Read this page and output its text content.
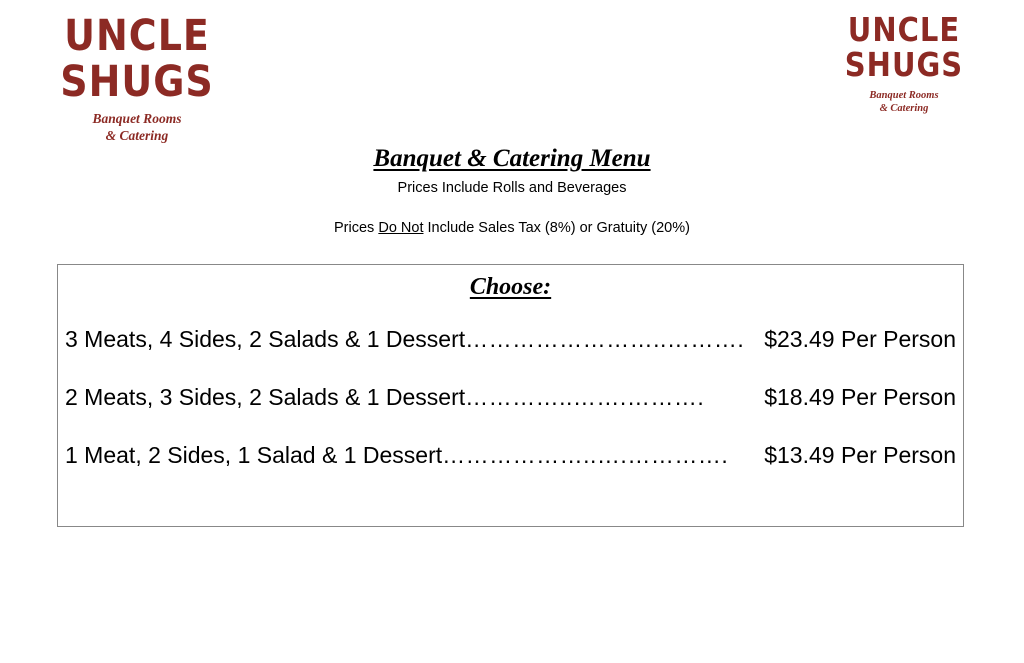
UNCLE
SHUGS
Banquet Rooms
& Catering
UNCLE
SHUGS
Banquet Rooms
& Catering
Banquet & Catering Menu
Prices Include Rolls and Beverages
Prices Do Not Include Sales Tax (8%) or Gratuity (20%)
Choose:
3 Meats, 4 Sides, 2 Salads & 1 Dessert ……………………..………. $23.49 Per Person
2 Meats, 3 Sides, 2 Salads & 1 Dessert …………..…….……….	$18.49 Per Person
1 Meat, 2 Sides, 1 Salad & 1 Dessert ………………..….………….	$13.49 Per Person
